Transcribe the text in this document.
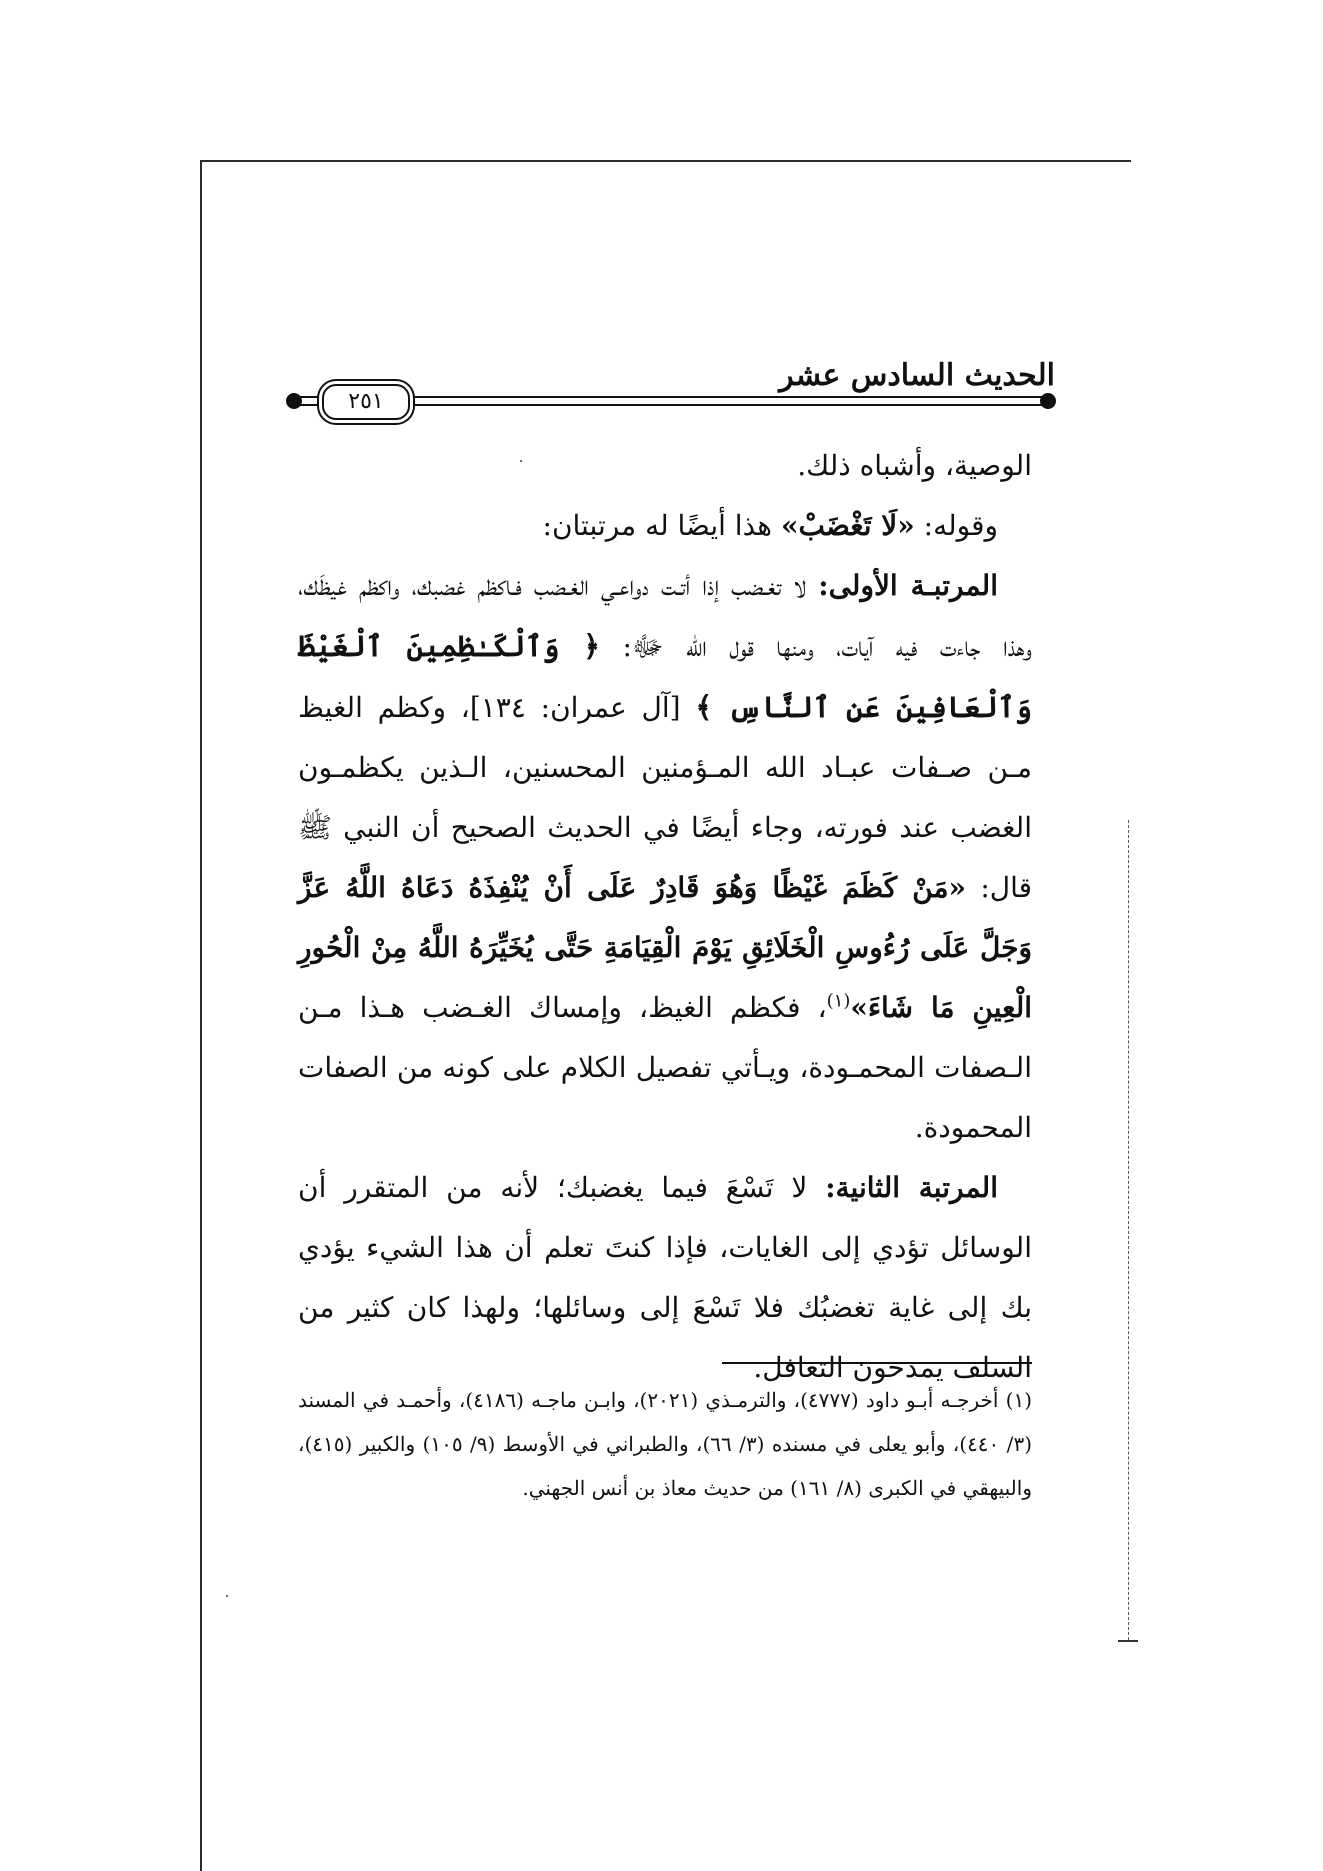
الحديث السادس عشر
٢٥١

الوصية، وأشباه ذلك.

وقوله: «لَا تَغْضَبْ» هذا أيضًا له مرتبتان:

المرتبـة الأولى: لا تغـضب إذا أتـت دواعـي الغـضب فـاكظم غضبك، واكظم غيظَك، وهذا جاءت فيه آيات، ومنها قول الله ﷻ: ﴿ وَٱلْكَـٰظِمِينَ ٱلْغَيْظَ وَٱلْعَافِينَ عَنِ ٱلنَّاسِ ﴾ [آل عمران: ١٣٤]، وكظم الغيظ مـن صـفات عبـاد الله المـؤمنين المحسنين، الـذين يكظمـون الغضب عند فورته، وجاء أيضًا في الحديث الصحيح أن النبي ﷺ قال: «مَنْ كَظَمَ غَيْظًا وَهُوَ قَادِرٌ عَلَى أَنْ يُنْفِذَهُ دَعَاهُ اللَّهُ عَزَّ وَجَلَّ عَلَى رُءُوسِ الْخَلَائِقِ يَوْمَ الْقِيَامَةِ حَتَّى يُخَيِّرَهُ اللَّهُ مِنْ الْحُورِ الْعِينِ مَا شَاءَ»$^{(١)}$، فكظم الغيظ، وإمساك الغـضب هـذا مـن الـصفات المحمـودة، ويـأتي تفصيل الكلام على كونه من الصفات المحمودة.

المرتبة الثانية: لا تَسْعَ فيما يغضبك؛ لأنه من المتقرر أن الوسائل تؤدي إلى الغايات، فإذا كنتَ تعلم أن هذا الشيء يؤدي بك إلى غاية تغضبُك فلا تَسْعَ إلى وسائلها؛ ولهذا كان كثير من السلف يمدحون التغافل.

(١) أخرجـه أبـو داود (٤٧٧٧)، والترمـذي (٢٠٢١)، وابـن ماجـه (٤١٨٦)، وأحمـد في المسند (٣/ ٤٤٠)، وأبو يعلى في مسنده (٣/ ٦٦)، والطبراني في الأوسط (٩/ ١٠٥) والكبير (٤١٥)، والبيهقي في الكبرى (٨/ ١٦١) من حديث معاذ بن أنس الجهني.
